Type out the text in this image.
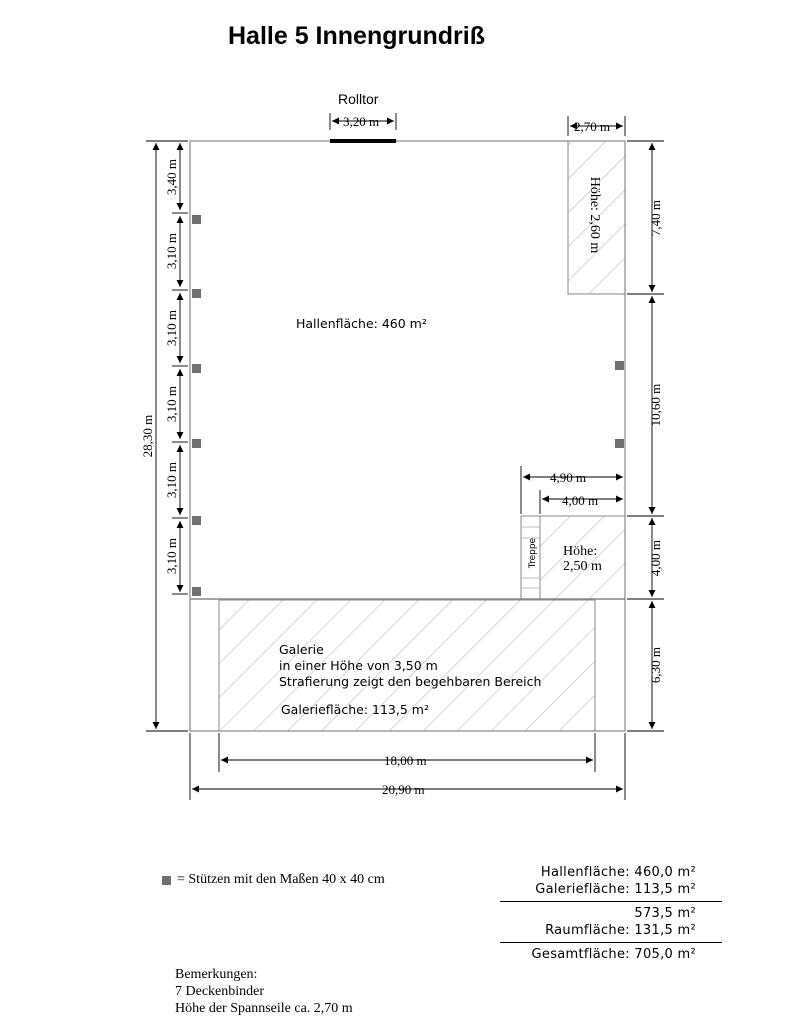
Halle 5 Innengrundriß
Rolltor
3,20 m	2,70 m
28,30 m
3,40 m
3,10 m
3,10 m
3,10 m
3,10 m
3,10 m
7,40 m
10,60 m
4,00 m
6,30 m
4,90 m
4,00 m
18,00 m
20,90 m
Hallenfläche: 460 m²
Höhe: 2,60 m
Höhe:
2,50 m
Treppe
Galerie
in einer Höhe von 3,50 m
Strafierung zeigt den begehbaren Bereich
Galeriefläche: 113,5 m²
= Stützen mit den Maßen 40 x 40 cm	Hallenfläche: 460,0 m²
Galeriefläche: 113,5 m²
573,5 m²
Raumfläche: 131,5 m²
Gesamtfläche: 705,0 m²
Bemerkungen:
7 Deckenbinder
Höhe der Spannseile ca. 2,70 m
